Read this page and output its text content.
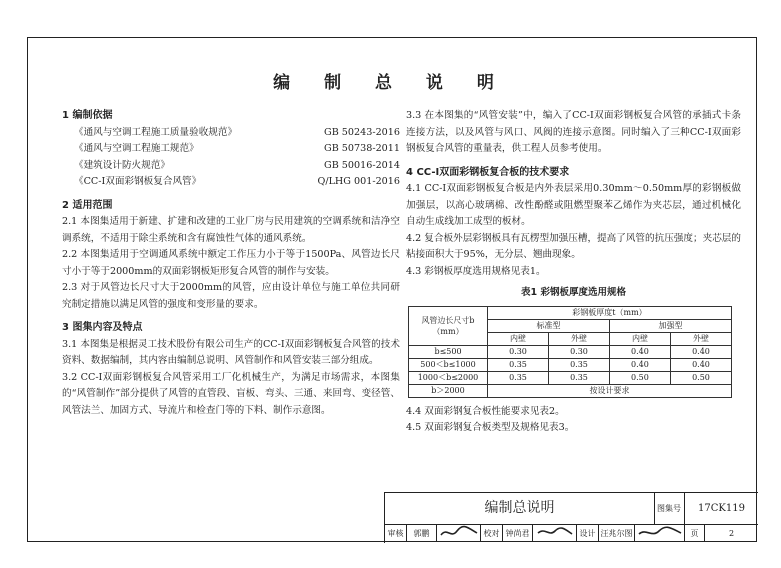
编 制 总 说 明
1 编制依据
《通风与空调工程施工质量验收规范》	GB 50243-2016
《通风与空调工程施工规范》	GB 50738-2011
《建筑设计防火规范》	GB 50016-2014
《CC-I双面彩钢板复合风管》	Q/LHG 001-2016
2 适用范围
2.1 本图集适用于新建、扩建和改建的工业厂房与民用建筑的空调系统和洁净空调系统，不适用于除尘系统和含有腐蚀性气体的通风系统。
2.2 本图集适用于空调通风系统中额定工作压力小于等于1500Pa、风管边长尺寸小于等于2000mm的双面彩钢板矩形复合风管的制作与安装。
2.3 对于风管边长尺寸大于2000mm的风管，应由设计单位与施工单位共同研究制定措施以满足风管的强度和变形量的要求。
3 图集内容及特点
3.1 本图集是根据灵工技术股份有限公司生产的CC-I双面彩钢板复合风管的技术资料、数据编制，其内容由编制总说明、风管制作和风管安装三部分组成。
3.2 CC-I双面彩钢板复合风管采用工厂化机械生产，为满足市场需求，本图集的“风管制作”部分提供了风管的直管段、盲板、弯头、三通、来回弯、变径管、风管法兰、加固方式、导流片和检查门等的下料、制作示意图。
3.3 在本图集的“风管安装”中，编入了CC-I双面彩钢板复合风管的承插式卡条连接方法，以及风管与风口、风阀的连接示意图。同时编入了三种CC-I双面彩钢板复合风管的重量表，供工程人员参考使用。
4 CC-I双面彩钢板复合板的技术要求
4.1 CC-I双面彩钢板复合板是内外表层采用0.30mm～0.50mm厚的彩钢板做加强层，以高心玻璃棉、改性酚醛或阻燃型聚苯乙烯作为夹芯层，通过机械化自动生成线加工成型的板材。
4.2 复合板外层彩钢板具有瓦楞型加强压槽，提高了风管的抗压强度；夹芯层的粘接面积大于95%，无分层、翘曲现象。
4.3 彩钢板厚度选用规格见表1。
表1 彩钢板厚度选用规格
风管边长尺寸b
（mm）	彩钢板厚度t（mm）			
	标准型		加强型	
	内壁	外壁	内壁	外壁
b≤500	0.30	0.30	0.40	0.40
500＜b≤1000	0.35	0.35	0.40	0.40
1000＜b≤2000	0.35	0.35	0.50	0.50
b＞2000	按设计要求			
4.4 双面彩钢复合板性能要求见表2。
4.5 双面彩钢复合板类型及规格见表3。
编制总说明	图集号	17CK119
审核	郭鹏	校对 钟尚君	设计 汪兆尔图	页	2
